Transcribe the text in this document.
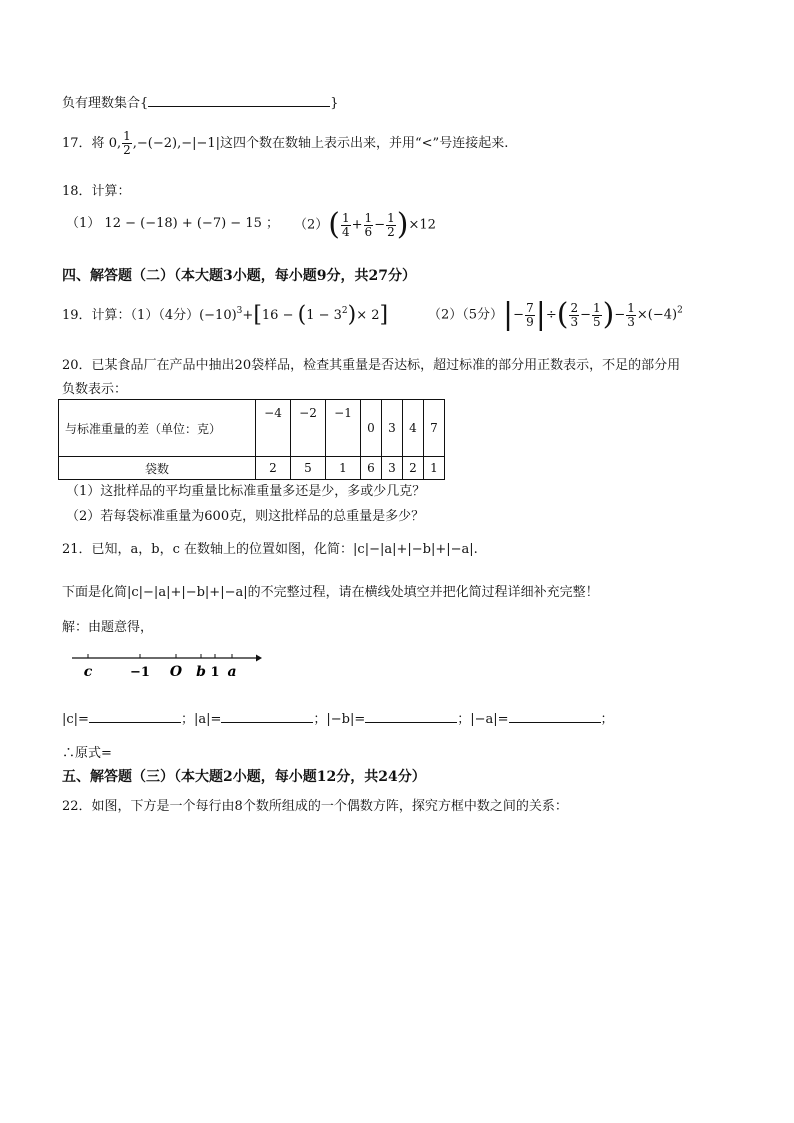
负有理数集合{	}
17．将 0, $\frac{1}{2} ,-(-2),-|-1|$这四个数在数轴上表示出来，并用“<”号连接起来.
18．计算：
（1） 12 − (−18) + (−7) − 15 ； $(2)( \frac{1}{4} + \frac{1}{6} - \frac{1}{2} )\times 12$
四、解答题（二）（本大题3小题，每小题9分，共27分）
19．计算：（1）（4分）$(-10)^3+[16 - (1 - 3^2)\times 2]$	（2）（5分）|− $\frac{7}{9}$ |÷( $\frac{2}{3} - \frac{1}{5}$ )− $\frac{1}{3} \times(-4)^2$
20．已某食品厂在产品中抽出20袋样品，检查其重量是否达标，超过标准的部分用正数表示，不足的部分用
负数表示：
与标准重量的差（单位：克）	−4	−2	−1	0	3	4	7
袋数	2	5	1	6	3	2	1
（1）这批样品的平均重量比标准重量多还是少，多或少几克？
（2）若每袋标准重量为600克，则这批样品的总重量是多少？
21．已知，a，b，c 在数轴上的位置如图，化简：|c|−|a|+|−b|+|−a|.
下面是化简|c|−|a|+|−b|+|−a|的不完整过程，请在横线处填空并把化简过程详细补充完整！
解：由题意得，
c	−1 O b 1 a
|c|=	；|a|=	；|−b|=	；|−a|=	；
∴原式=
五、解答题（三）（本大题2小题，每小题12分，共24分）
22．如图，下方是一个每行由8个数所组成的一个偶数方阵，探究方框中数之间的关系：
